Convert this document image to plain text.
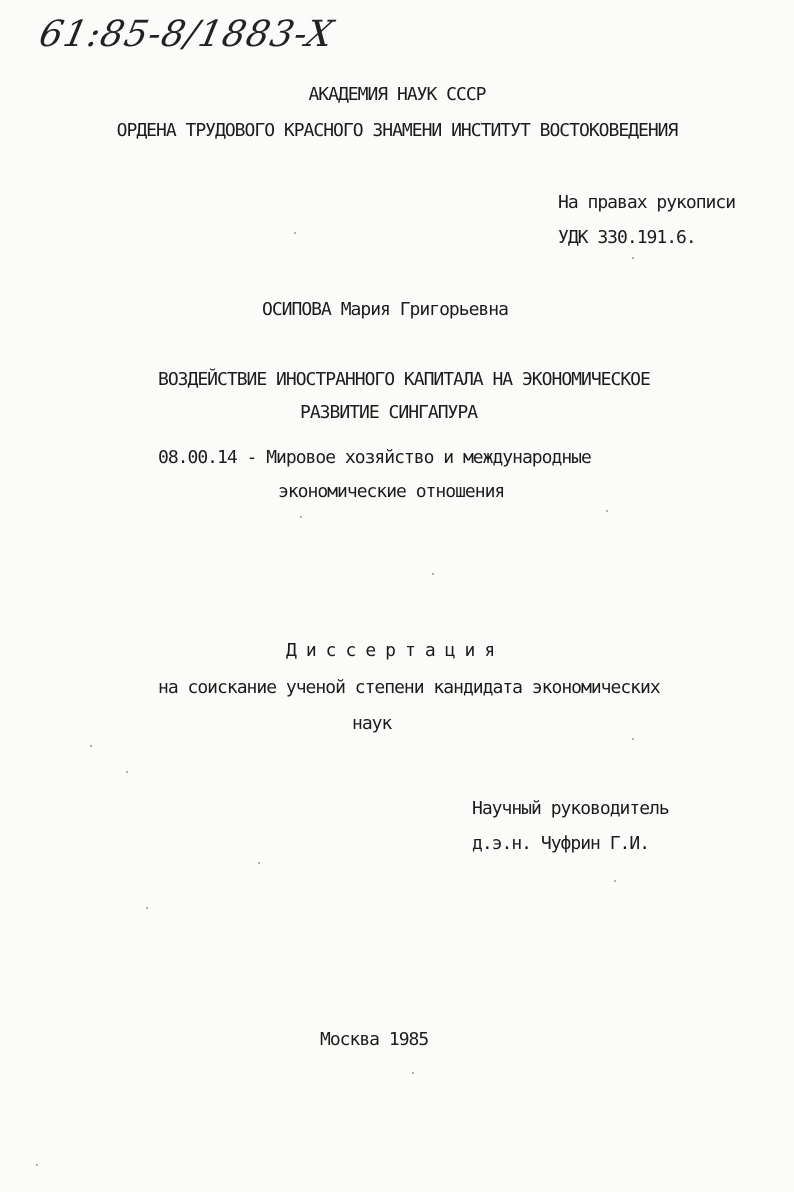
61:85-8/1883-X
АКАДЕМИЯ НАУК СССР
ОРДЕНА ТРУДОВОГО КРАСНОГО ЗНАМЕНИ ИНСТИТУТ ВОСТОКОВЕДЕНИЯ
На правах рукописи
УДК 330.191.6.
ОСИПОВА Мария Григорьевна
ВОЗДЕЙСТВИЕ ИНОСТРАННОГО КАПИТАЛА НА ЭКОНОМИЧЕСКОЕ
РАЗВИТИЕ СИНГАПУРА
08.00.14 - Мировое хозяйство и международные
экономические отношения
Диссертация
на соискание ученой степени кандидата экономических
наук
Научный руководитель
д.э.н. Чуфрин Г.И.
Москва 1985
